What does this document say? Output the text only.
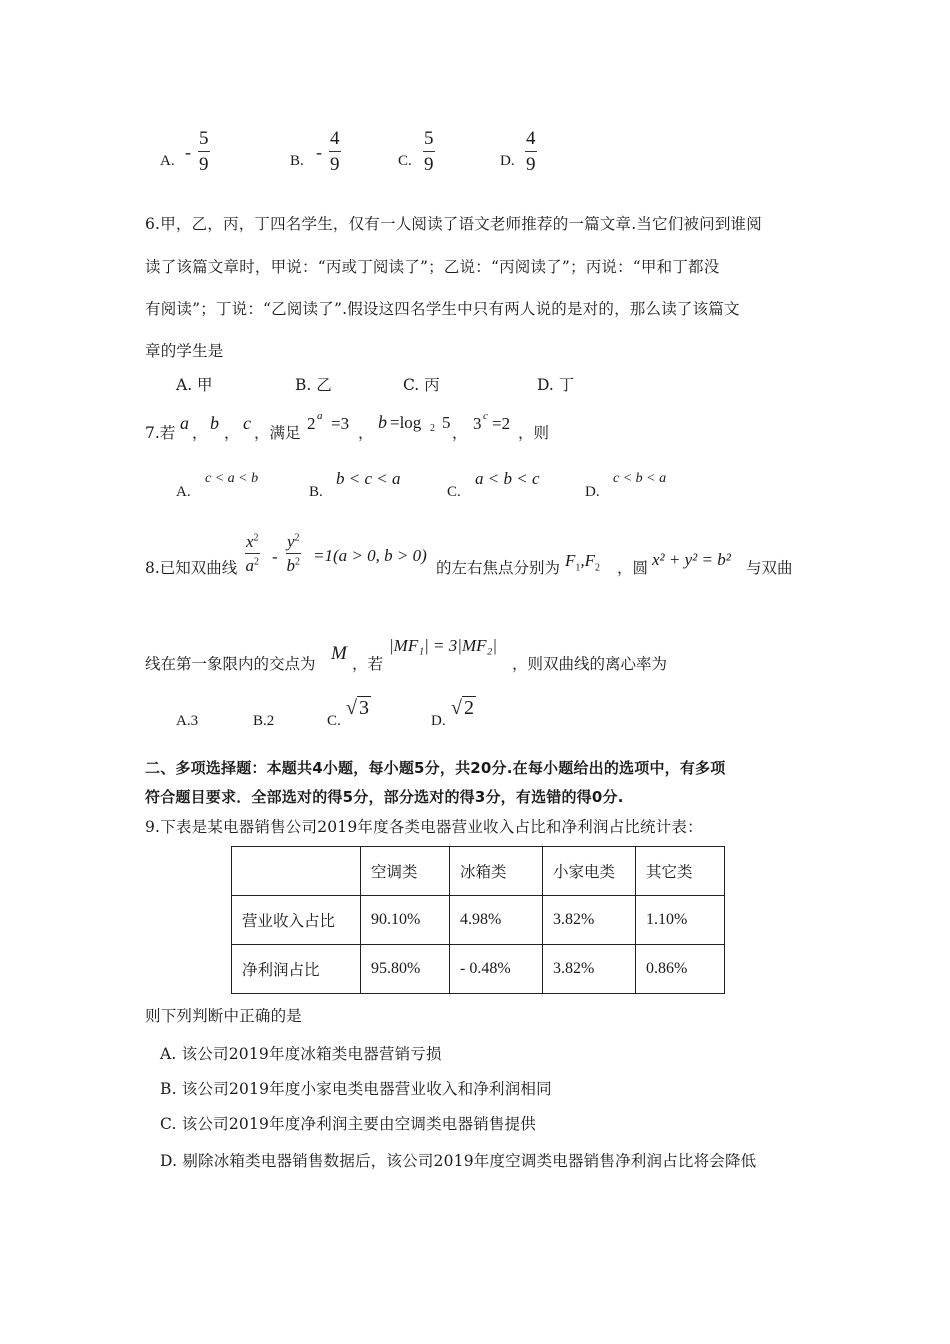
A. -
5
9	B. -
4
9	C.
5
9	D.
4
9
6.甲，乙，丙，丁四名学生，仅有一人阅读了语文老师推荐的一篇文章.当它们被问到谁阅
读了该篇文章时，甲说：“丙或丁阅读了”；乙说：“丙阅读了”；丙说：“甲和丁都没
有阅读”；丁说：“乙阅读了”.假设这四名学生中只有两人说的是对的，那么读了该篇文
章的学生是
A. 甲	B. 乙	C. 丙	D. 丁
7.若 a ， b ， c ，满足 2 a =3 ，
b =log 2 5
， 3 c =2 ，则
A.
c < a < b
B.
b < c < a
C.
a < b < c
D.
c < b < a
8.已知双曲线
$x^2$
$a^2$ -
$y^2$
$b^2 =1(a > 0$, b > 0)
的左右焦点分别为 $F_1,F_2$ ，圆 x² + y² = b² 与双曲
线在第一象限内的交点为 M ，若
|MF₁| = 3|MF₂|
，则双曲线的离心率为
A.3	B.2	C.
√ 3
D.
√ 2
二、多项选择题：本题共4小题，每小题5分，共20分.在每小题给出的选项中，有多项
符合题目要求．全部选对的得5分，部分选对的得3分，有选错的得0分.
9.下表是某电器销售公司2019年度各类电器营业收入占比和净利润占比统计表：
	空调类	冰箱类	小家电类	其它类
营业收入占比	90.10%	4.98%	3.82%	1.10%
净利润占比	95.80%	- 0.48%	3.82%	0.86%
则下列判断中正确的是
A. 该公司2019年度冰箱类电器营销亏损
B. 该公司2019年度小家电类电器营业收入和净利润相同
C. 该公司2019年度净利润主要由空调类电器销售提供
D. 剔除冰箱类电器销售数据后，该公司2019年度空调类电器销售净利润占比将会降低
